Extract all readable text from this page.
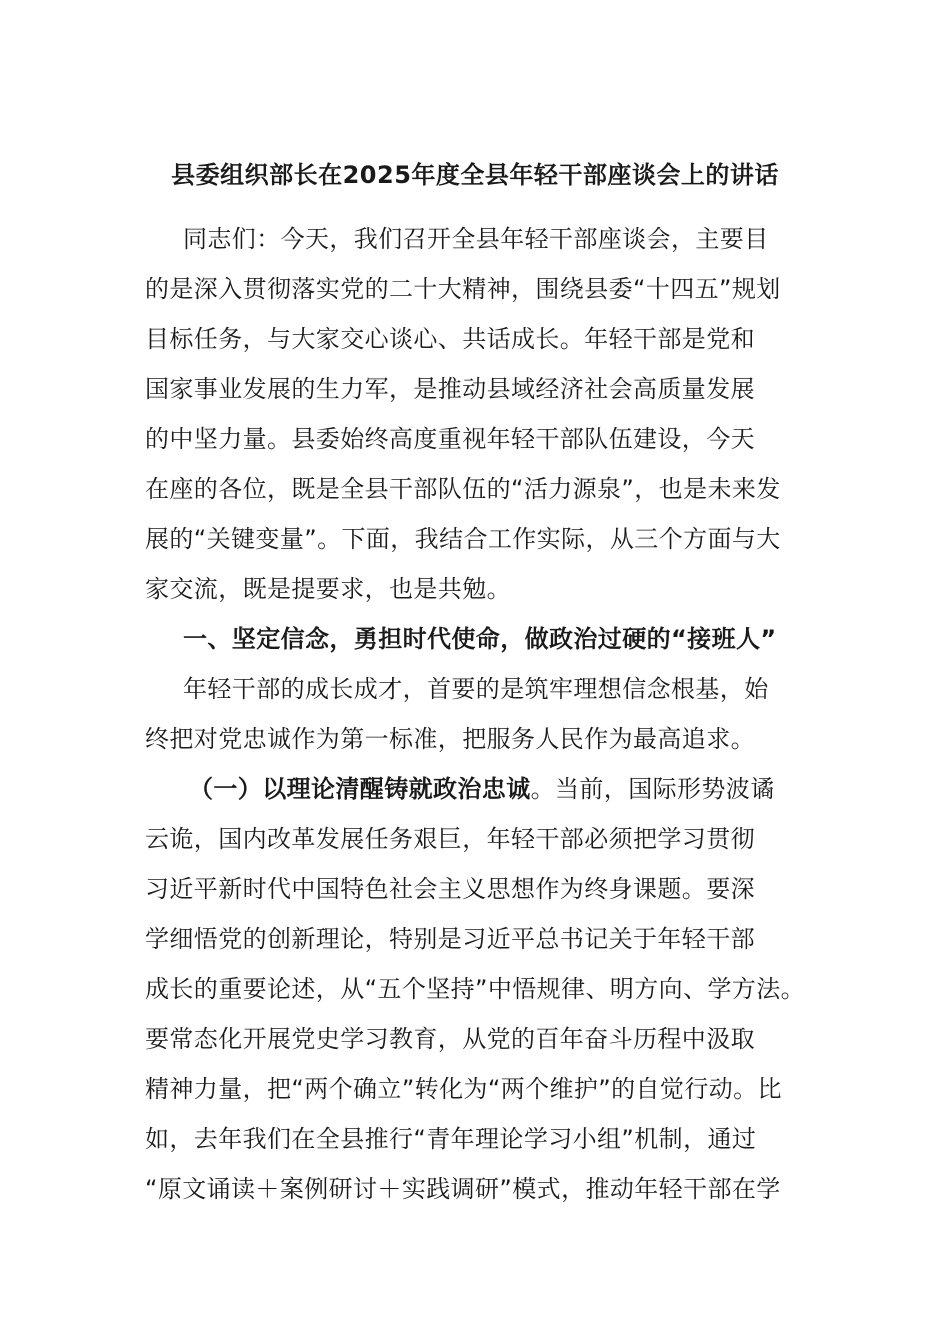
县委组织部长在2025年度全县年轻干部座谈会上的讲话
同志们：今天，我们召开全县年轻干部座谈会，主要目
的是深入贯彻落实党的二十大精神，围绕县委“十四五”规划
目标任务，与大家交心谈心、共话成长。年轻干部是党和
国家事业发展的生力军，是推动县域经济社会高质量发展
的中坚力量。县委始终高度重视年轻干部队伍建设，今天
在座的各位，既是全县干部队伍的“活力源泉”，也是未来发
展的“关键变量”。下面，我结合工作实际，从三个方面与大
家交流，既是提要求，也是共勉。
一、坚定信念，勇担时代使命，做政治过硬的“接班人”
年轻干部的成长成才，首要的是筑牢理想信念根基，始
终把对党忠诚作为第一标准，把服务人民作为最高追求。
（一）以理论清醒铸就政治忠诚。当前，国际形势波谲
云诡，国内改革发展任务艰巨，年轻干部必须把学习贯彻
习近平新时代中国特色社会主义思想作为终身课题。要深
学细悟党的创新理论，特别是习近平总书记关于年轻干部
成长的重要论述，从“五个坚持”中悟规律、明方向、学方法。
要常态化开展党史学习教育，从党的百年奋斗历程中汲取
精神力量，把“两个确立”转化为“两个维护”的自觉行动。比
如，去年我们在全县推行“青年理论学习小组”机制，通过
“原文诵读＋案例研讨＋实践调研”模式，推动年轻干部在学
